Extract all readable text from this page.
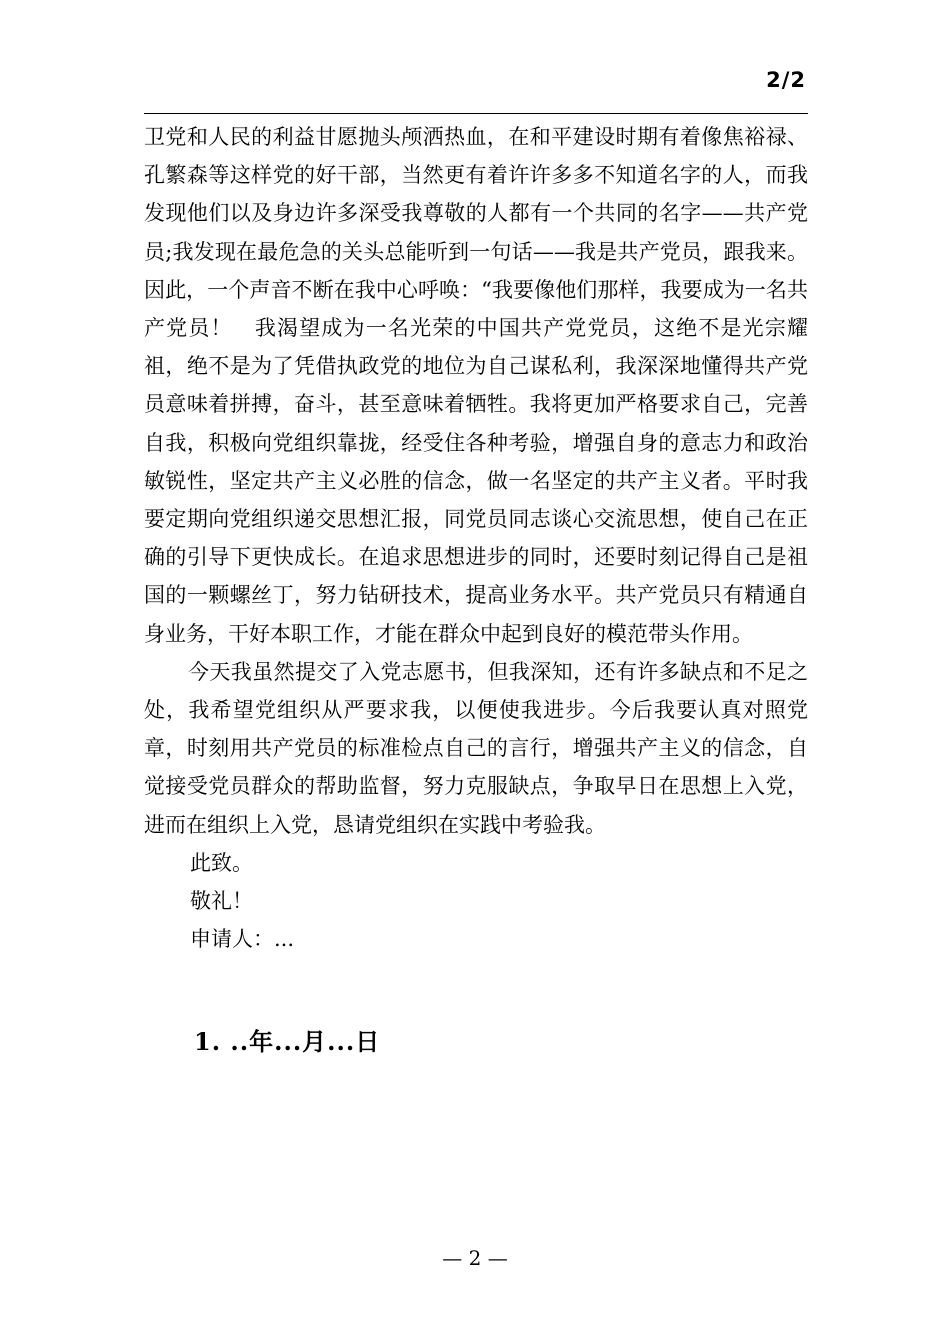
2/2

卫党和人民的利益甘愿抛头颅洒热血，在和平建设时期有着像焦裕禄、孔繁森等这样党的好干部，当然更有着许许多多不知道名字的人，而我发现他们以及身边许多深受我尊敬的人都有一个共同的名字——共产党员;我发现在最危急的关头总能听到一句话——我是共产党员，跟我来。因此，一个声音不断在我中心呼唤：“我要像他们那样，我要成为一名共产党员！　我渴望成为一名光荣的中国共产党党员，这绝不是光宗耀祖，绝不是为了凭借执政党的地位为自己谋私利，我深深地懂得共产党员意味着拼搏，奋斗，甚至意味着牺牲。我将更加严格要求自己，完善自我，积极向党组织靠拢，经受住各种考验，增强自身的意志力和政治敏锐性，坚定共产主义必胜的信念，做一名坚定的共产主义者。平时我要定期向党组织递交思想汇报，同党员同志谈心交流思想，使自己在正确的引导下更快成长。在追求思想进步的同时，还要时刻记得自己是祖国的一颗螺丝丁，努力钻研技术，提高业务水平。共产党员只有精通自身业务，干好本职工作，才能在群众中起到良好的模范带头作用。

今天我虽然提交了入党志愿书，但我深知，还有许多缺点和不足之处，我希望党组织从严要求我，以便使我进步。今后我要认真对照党章，时刻用共产党员的标准检点自己的言行，增强共产主义的信念，自觉接受党员群众的帮助监督，努力克服缺点，争取早日在思想上入党，进而在组织上入党，恳请党组织在实践中考验我。

此致。

敬礼！

申请人：...

1. ..年...月...日
— 2 —
